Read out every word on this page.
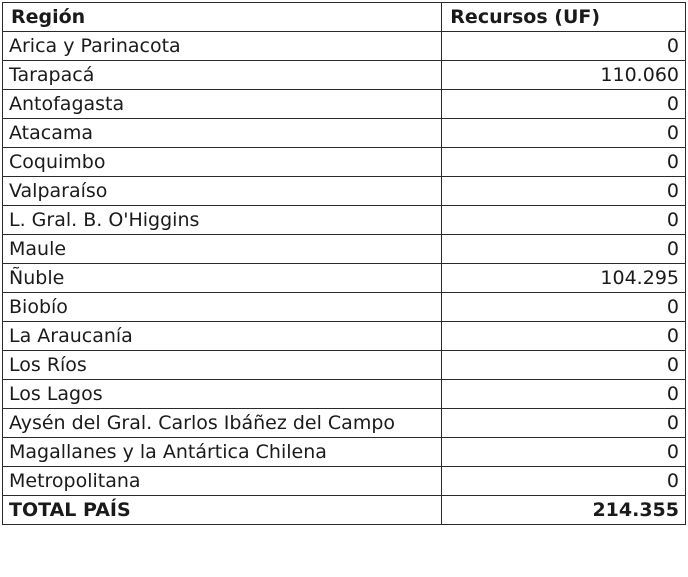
Región	Recursos (UF)
Arica y Parinacota	0
Tarapacá	110.060
Antofagasta	0
Atacama	0
Coquimbo	0
Valparaíso	0
L. Gral. B. O'Higgins	0
Maule	0
Ñuble	104.295
Biobío	0
La Araucanía	0
Los Ríos	0
Los Lagos	0
Aysén del Gral. Carlos Ibáñez del Campo	0
Magallanes y la Antártica Chilena	0
Metropolitana	0
TOTAL PAÍS	214.355
